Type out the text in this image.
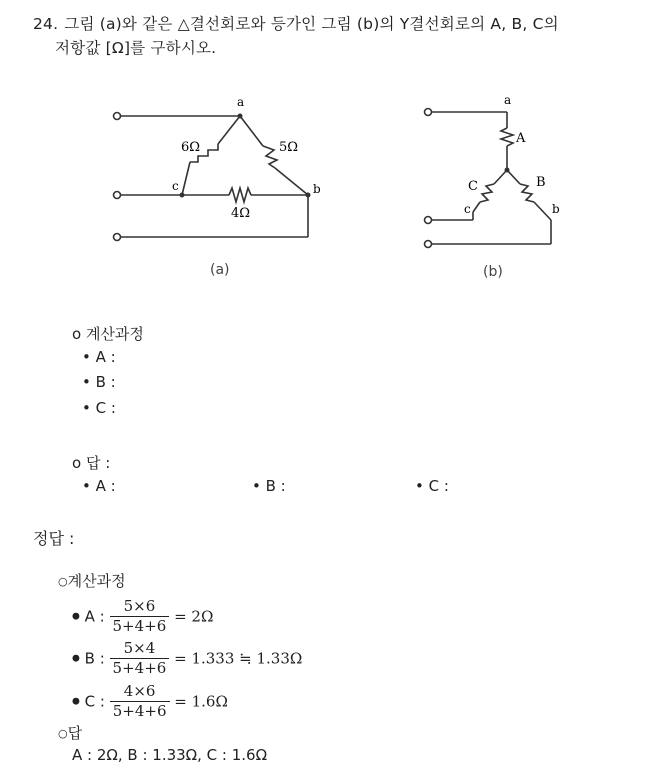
24. 그림 (a)와 같은 △결선회로와 등가인 그림 (b)의 Y결선회로의 A, B, C의
저항값 [Ω]를 구하시오.
a
c	b
6Ω	5Ω
4Ω
(a)
a
c	b
A
C	B
(b)
o 계산과정
• A :
• B :
• C :
o 답 :
• A :	• B :	• C :
정답 :
○계산과정
● A : $\frac{5\times 6}{5+4+6} = 2\Omega$
● B : $\frac{5\times 4}{5+4+6} = 1.333$ ≒ 1.33Ω
● C : $\frac{4\times 6}{5+4+6} = 1.6\Omega$
○답
A : 2Ω, B : 1.33Ω, C : 1.6Ω
